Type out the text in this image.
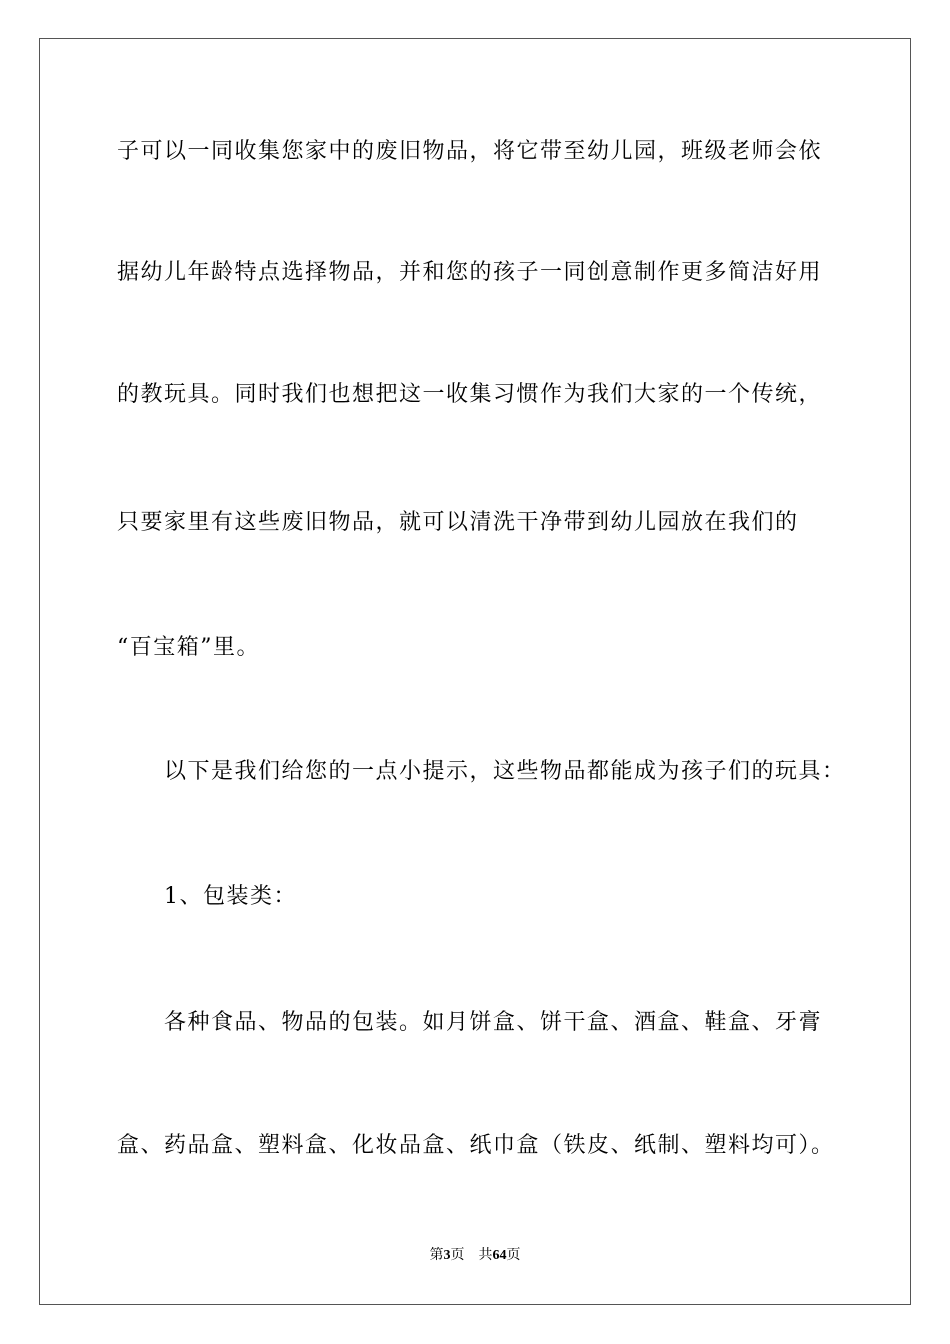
子可以一同收集您家中的废旧物品，将它带至幼儿园，班级老师会依
据幼儿年龄特点选择物品，并和您的孩子一同创意制作更多简洁好用
的教玩具。同时我们也想把这一收集习惯作为我们大家的一个传统，
只要家里有这些废旧物品，就可以清洗干净带到幼儿园放在我们的
“百宝箱”里。
以下是我们给您的一点小提示，这些物品都能成为孩子们的玩具：
1、包装类：
各种食品、物品的包装。如月饼盒、饼干盒、酒盒、鞋盒、牙膏
盒、药品盒、塑料盒、化妆品盒、纸巾盒（铁皮、纸制、塑料均可）。
第3页 共64页
